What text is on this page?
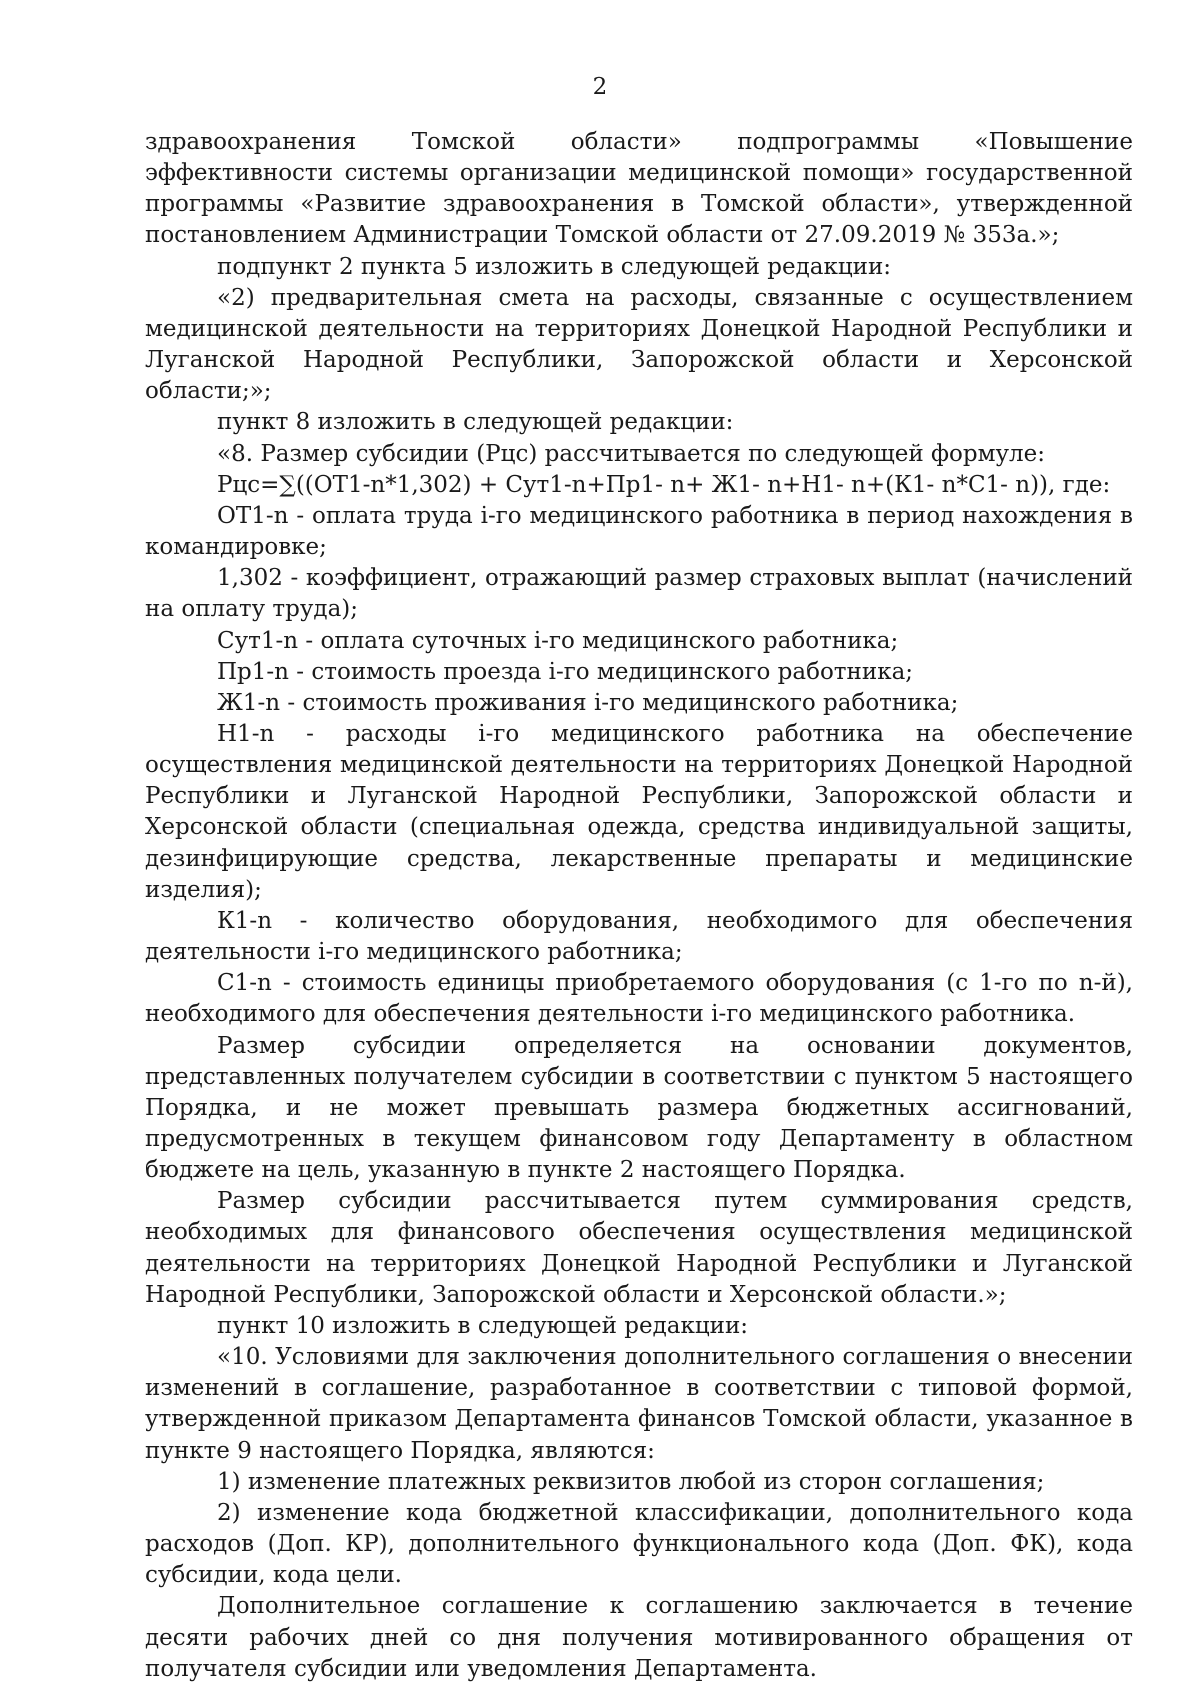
2

здравоохранения Томской области» подпрограммы «Повышение эффективности системы организации медицинской помощи» государственной программы «Развитие здравоохранения в Томской области», утвержденной постановлением Администрации Томской области от 27.09.2019 № 353а.»;

подпункт 2 пункта 5 изложить в следующей редакции:

«2) предварительная смета на расходы, связанные с осуществлением медицинской деятельности на территориях Донецкой Народной Республики и Луганской Народной Республики, Запорожской области и Херсонской области;»;

пункт 8 изложить в следующей редакции:

«8. Размер субсидии (Рцс) рассчитывается по следующей формуле:

Рцс=∑((ОТ1-n*1,302) + Сут1-n+Пр1- n+ Ж1- n+Н1- n+(К1- n*С1- n)), где:

ОТ1-n - оплата труда i-го медицинского работника в период нахождения в командировке;

1,302 - коэффициент, отражающий размер страховых выплат (начислений на оплату труда);

Сут1-n - оплата суточных i-го медицинского работника;

Пр1-n - стоимость проезда i-го медицинского работника;

Ж1-n - стоимость проживания i-го медицинского работника;

Н1-n - расходы i-го медицинского работника на обеспечение осуществления медицинской деятельности на территориях Донецкой Народной Республики и Луганской Народной Республики, Запорожской области и Херсонской области (специальная одежда, средства индивидуальной защиты, дезинфицирующие средства, лекарственные препараты и медицинские изделия);

К1-n - количество оборудования, необходимого для обеспечения деятельности i-го медицинского работника;

С1-n - стоимость единицы приобретаемого оборудования (с 1-го по n-й), необходимого для обеспечения деятельности i-го медицинского работника.

Размер субсидии определяется на основании документов, представленных получателем субсидии в соответствии с пунктом 5 настоящего Порядка, и не может превышать размера бюджетных ассигнований, предусмотренных в текущем финансовом году Департаменту в областном бюджете на цель, указанную в пункте 2 настоящего Порядка.

Размер субсидии рассчитывается путем суммирования средств, необходимых для финансового обеспечения осуществления медицинской деятельности на территориях Донецкой Народной Республики и Луганской Народной Республики, Запорожской области и Херсонской области.»;

пункт 10 изложить в следующей редакции:

«10. Условиями для заключения дополнительного соглашения о внесении изменений в соглашение, разработанное в соответствии с типовой формой, утвержденной приказом Департамента финансов Томской области, указанное в пункте 9 настоящего Порядка, являются:

1) изменение платежных реквизитов любой из сторон соглашения;

2) изменение кода бюджетной классификации, дополнительного кода расходов (Доп. КР), дополнительного функционального кода (Доп. ФК), кода субсидии, кода цели.

Дополнительное соглашение к соглашению заключается в течение десяти рабочих дней со дня получения мотивированного обращения от получателя субсидии или уведомления Департамента.
